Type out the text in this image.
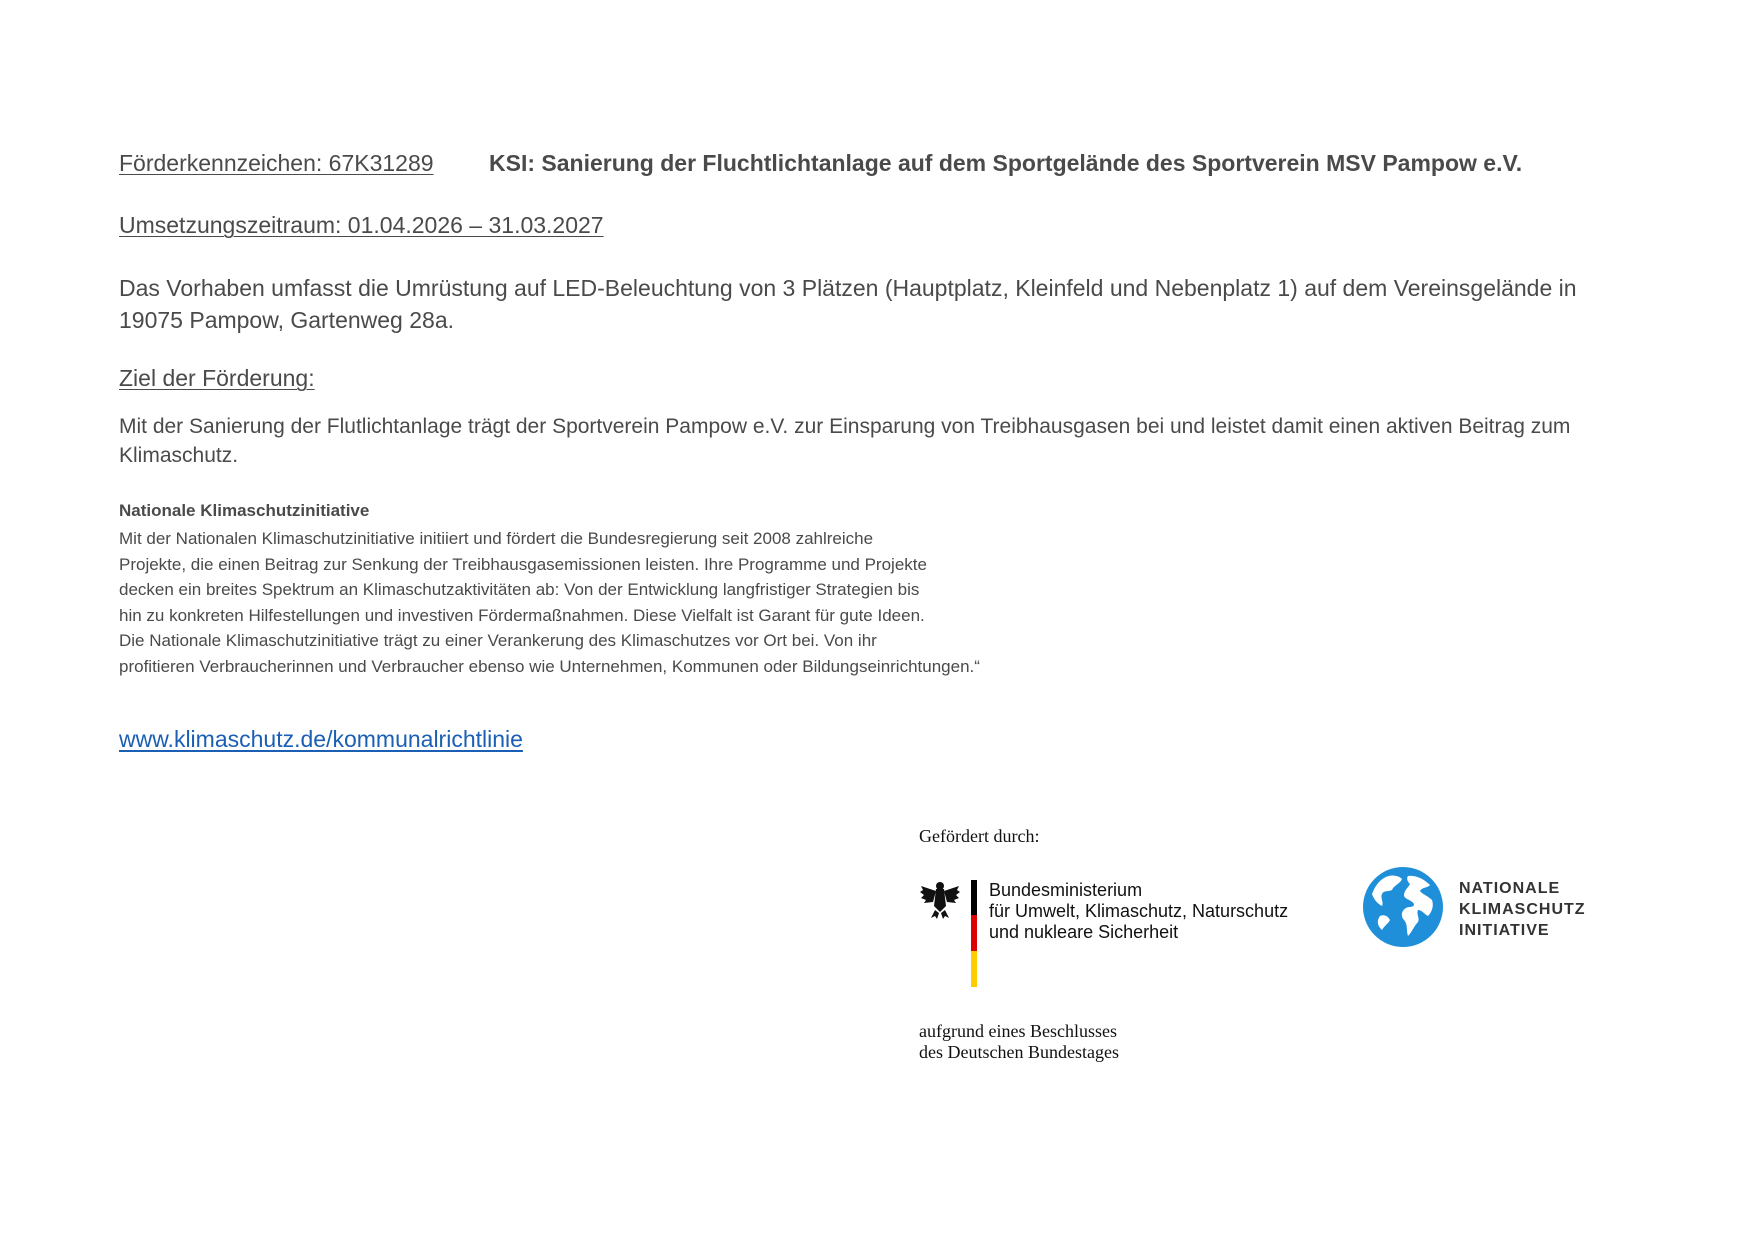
Förderkennzeichen: 67K31289 KSI: Sanierung der Fluchtlichtanlage auf dem Sportgelände des Sportverein MSV Pampow e.V.
Umsetzungszeitraum: 01.04.2026 – 31.03.2027
Das Vorhaben umfasst die Umrüstung auf LED-Beleuchtung von 3 Plätzen (Hauptplatz, Kleinfeld und Nebenplatz 1) auf dem Vereinsgelände in 19075 Pampow, Gartenweg 28a.
Ziel der Förderung:
Mit der Sanierung der Flutlichtanlage trägt der Sportverein Pampow e.V. zur Einsparung von Treibhausgasen bei und leistet damit einen aktiven Beitrag zum Klimaschutz.
Nationale Klimaschutzinitiative
Mit der Nationalen Klimaschutzinitiative initiiert und fördert die Bundesregierung seit 2008 zahlreiche
Projekte, die einen Beitrag zur Senkung der Treibhausgasemissionen leisten. Ihre Programme und Projekte
decken ein breites Spektrum an Klimaschutzaktivitäten ab: Von der Entwicklung langfristiger Strategien bis
hin zu konkreten Hilfestellungen und investiven Fördermaßnahmen. Diese Vielfalt ist Garant für gute Ideen.
Die Nationale Klimaschutzinitiative trägt zu einer Verankerung des Klimaschutzes vor Ort bei. Von ihr
profitieren Verbraucherinnen und Verbraucher ebenso wie Unternehmen, Kommunen oder Bildungseinrichtungen.“
www.klimaschutz.de/kommunalrichtlinie
Gefördert durch:
Bundesministerium
für Umwelt, Klimaschutz, Naturschutz
und nukleare Sicherheit
NATIONALE
KLIMASCHUTZ
INITIATIVE
aufgrund eines Beschlusses
des Deutschen Bundestages
